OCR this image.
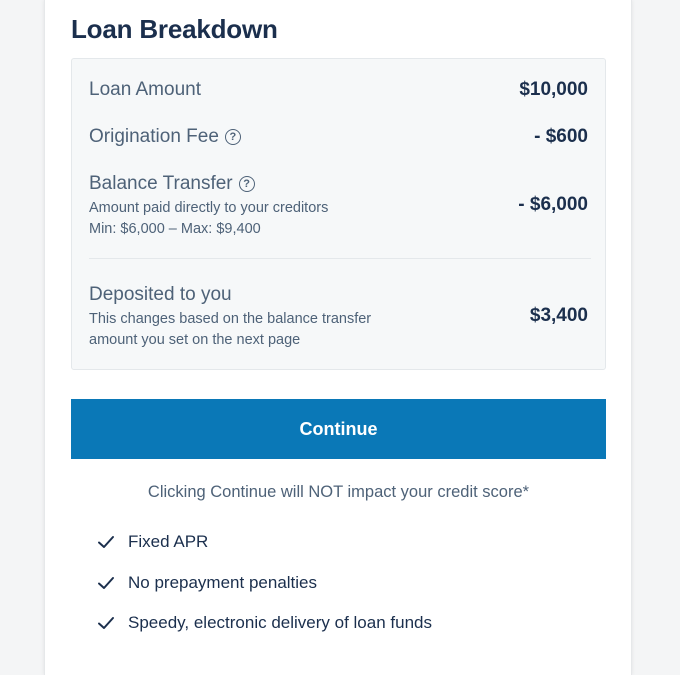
Loan Breakdown
Loan Amount	$10,000
Origination Fee ?	- $600
Balance Transfer ?
Amount paid directly to your creditors
Min: $6,000 – Max: $9,400
- $6,000
Deposited to you
This changes based on the balance transfer
amount you set on the next page
$3,400
Continue
Clicking Continue will NOT impact your credit score*
Fixed APR
No prepayment penalties
Speedy, electronic delivery of loan funds
